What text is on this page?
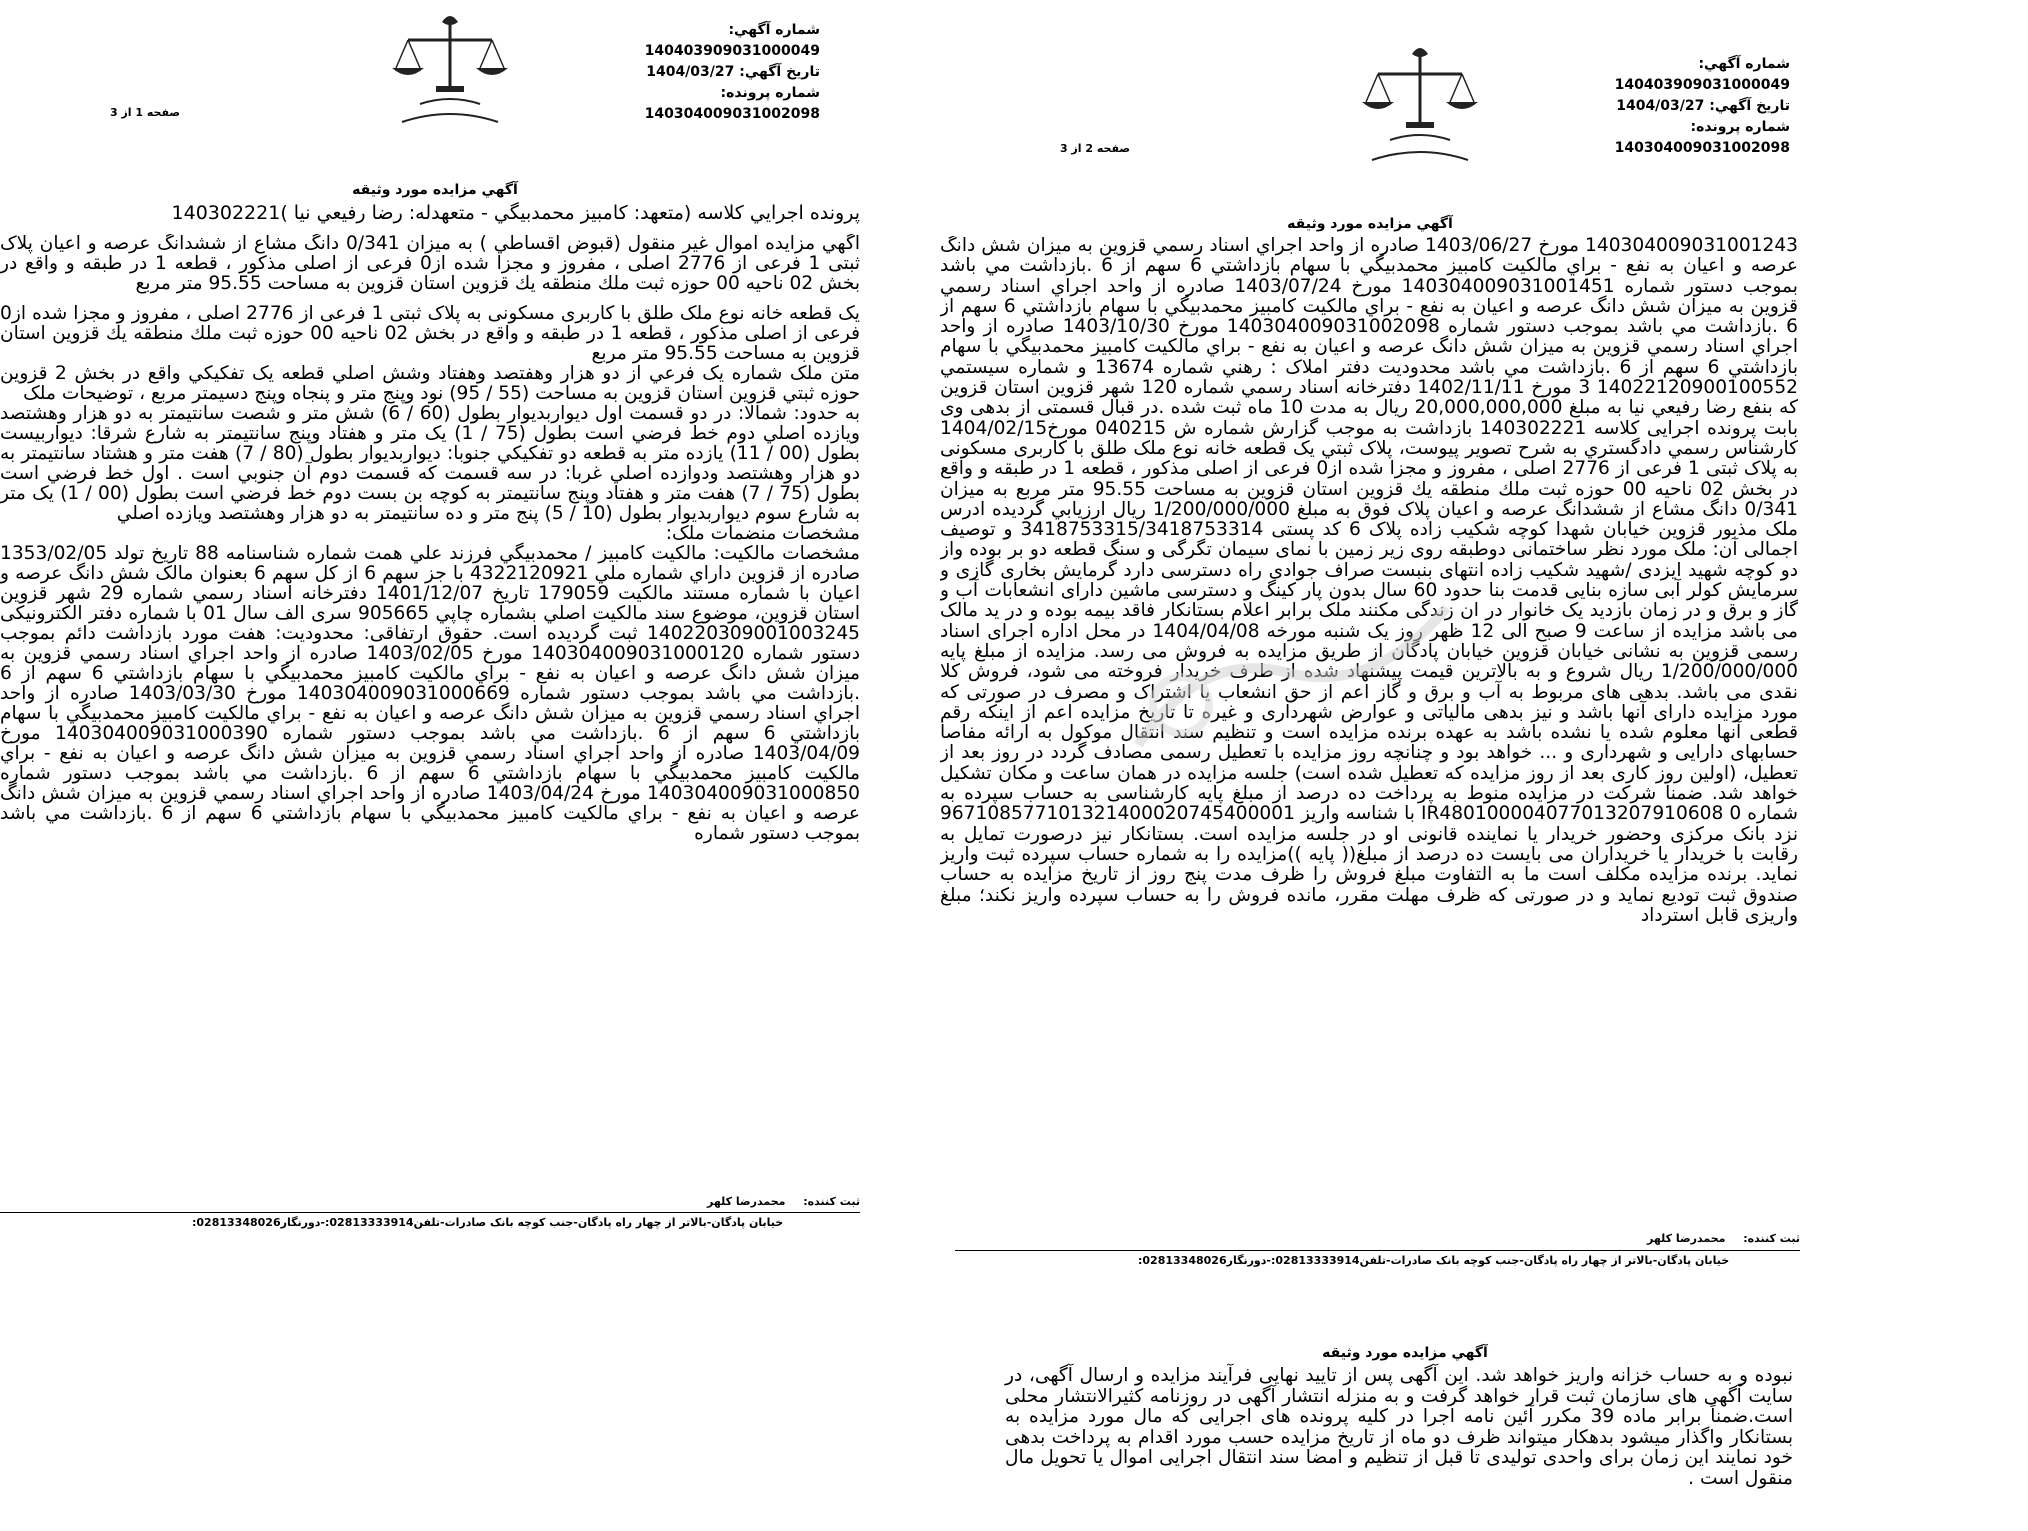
شماره آگهي: 140403909031000049
تاريخ آگهي: 1404/03/27
شماره پرونده: 140304009031002098
صفحه 1 از 3
آگهي مزايده مورد وثيقه
پرونده اجرايي کلاسه (متعهد: کامبيز محمدبيگي - متعهدله: رضا رفيعي نيا )140302221

آگهي مزايده اموال غير منقول (قبوض اقساطي ) به ميزان 0/341 دانگ مشاع از ششدانگ عرصه و اعيان پلاک ثبتی 1 فرعی از 2776 اصلی ، مفروز و مجزا شده از0 فرعی از اصلی مذکور ، قطعه 1 در طبقه و واقع در بخش 02 ناحيه 00 حوزه ثبت ملك منطقه يك قزوين استان قزوين به مساحت 95.55 متر مربع

يک قطعه خانه نوع ملک طلق با کاربری مسکونی به پلاک ثبتی 1 فرعی از 2776 اصلی ، مفروز و مجزا شده از0 فرعی از اصلی مذکور ، قطعه 1 در طبقه و واقع در بخش 02 ناحيه 00 حوزه ثبت ملك منطقه يك قزوين استان قزوين به مساحت 95.55 متر مربع

متن ملک شماره يک فرعي از دو هزار وهفتصد وهفتاد وشش اصلي قطعه يک تفکيکي واقع در بخش 2 قزوين حوزه ثبتي قزوين استان قزوين به مساحت (55 / 95) نود وپنج متر و پنجاه وپنج دسيمتر مربع ، توضيحات ملک

به حدود: شمالا: در دو قسمت اول ديواربديوار بطول (60 / 6) شش متر و شصت سانتيمتر به دو هزار وهشتصد ويازده اصلي دوم خط فرضي است بطول (75 / 1) يک متر و هفتاد وپنج سانتيمتر به شارع شرقا: ديواربيست بطول (00 / 11) يازده متر به قطعه دو تفکيکي جنوبا: ديواربديوار بطول (80 / 7) هفت متر و هشتاد سانتيمتر به دو هزار وهشتصد ودوازده اصلي غربا: در سه قسمت که قسمت دوم آن جنوبي است . اول خط فرضي است بطول (75 / 7) هفت متر و هفتاد وپنج سانتيمتر به کوچه بن بست دوم خط فرضي است بطول (00 / 1) يک متر به شارع سوم ديواربديوار بطول (10 / 5) پنج متر و ده سانتيمتر به دو هزار وهشتصد ويازده اصلي

مشخصات منضمات ملک:

مشخصات مالکيت: مالکيت کامبيز / محمدبيگي فرزند علي همت شماره شناسنامه 88 تاريخ تولد 1353/02/05 صادره از قزوين داراي شماره ملي 4322120921 با جز سهم 6 از کل سهم 6 بعنوان مالک شش دانگ عرصه و اعيان با شماره مستند مالکيت 179059 تاريخ 1401/12/07 دفترخانه اسناد رسمي شماره 29 شهر قزوين استان قزوين، موضوع سند مالکيت اصلي بشماره چاپي 905665 سری الف سال 01 با شماره دفتر الکترونيکی 140220309001003245 ثبت گرديده است. حقوق ارتفاقی: محدوديت: هفت مورد بازداشت دائم بموجب دستور شماره 140304009031000120 مورخ 1403/02/05 صادره از واحد اجراي اسناد رسمي قزوين به ميزان شش دانگ عرصه و اعيان به نفع - براي مالکيت کامبيز محمدبيگي با سهام بازداشتي 6 سهم از 6 .بازداشت مي باشد بموجب دستور شماره 140304009031000669 مورخ 1403/03/30 صادره از واحد اجراي اسناد رسمي قزوين به ميزان شش دانگ عرصه و اعيان به نفع - براي مالکيت کامبيز محمدبيگي با سهام بازداشتي 6 سهم از 6 .بازداشت مي باشد بموجب دستور شماره 140304009031000390 مورخ 1403/04/09 صادره از واحد اجراي اسناد رسمي قزوين به ميزان شش دانگ عرصه و اعيان به نفع - براي مالکيت کامبيز محمدبيگي با سهام بازداشتي 6 سهم از 6 .بازداشت مي باشد بموجب دستور شماره 140304009031000850 مورخ 1403/04/24 صادره از واحد اجراي اسناد رسمي قزوين به ميزان شش دانگ عرصه و اعيان به نفع - براي مالکيت کامبيز محمدبيگي با سهام بازداشتي 6 سهم از 6 .بازداشت مي باشد بموجب دستور شماره

ثبت کننده: محمدرضا کلهر
خيابان پادگان-بالاتر از چهار راه پادگان-جنب کوچه بانک صادرات-تلفن02813333914:-دورنگار02813348026:
شماره آگهي: 140403909031000049
تاريخ آگهي: 1404/03/27
شماره پرونده: 140304009031002098
صفحه 2 از 3
آگهي مزايده مورد وثيقه
140304009031001243 مورخ 1403/06/27 صادره از واحد اجراي اسناد رسمي قزوين به ميزان شش دانگ عرصه و اعيان به نفع - براي مالکيت کامبيز محمدبيگي با سهام بازداشتي 6 سهم از 6 .بازداشت مي باشد بموجب دستور شماره 140304009031001451 مورخ 1403/07/24 صادره از واحد اجراي اسناد رسمي قزوين به ميزان شش دانگ عرصه و اعيان به نفع - براي مالکيت کامبيز محمدبيگي با سهام بازداشتي 6 سهم از 6 .بازداشت مي باشد بموجب دستور شماره 140304009031002098 مورخ 1403/10/30 صادره از واحد اجراي اسناد رسمي قزوين به ميزان شش دانگ عرصه و اعيان به نفع - براي مالکيت کامبيز محمدبيگي با سهام بازداشتي 6 سهم از 6 .بازداشت مي باشد محدوديت دفتر املاک : رهني شماره 13674 و شماره سيستمي 14022120900100552 3 مورخ 1402/11/11 دفترخانه اسناد رسمي شماره 120 شهر قزوين استان قزوين که بنفع رضا رفيعي نيا به مبلغ 20,000,000,000 ريال به مدت 10 ماه ثبت شده .در قبال قسمتی از بدهی وی بابت پرونده اجرایی کلاسه 140302221 بازداشت به موجب گزارش شماره ش 040215 مورخ1404/02/15 کارشناس رسمي دادگستري به شرح تصوير پيوست، پلاک ثبتي يک قطعه خانه نوع ملک طلق با کاربری مسکونی به پلاک ثبتی 1 فرعی از 2776 اصلی ، مفروز و مجزا شده از0 فرعی از اصلی مذکور ، قطعه 1 در طبقه و واقع در بخش 02 ناحيه 00 حوزه ثبت ملك منطقه يك قزوين استان قزوين به مساحت 95.55 متر مربع به ميزان 0/341 دانگ مشاع از ششدانگ عرصه و اعيان پلاک فوق به مبلغ 1/200/000/000 ريال ارزيابي گرديده ادرس ملک مذبور قزوين خيابان شهدا کوچه شکيب زاده پلاک 6 کد پستی 3418753315/3418753314 و توصيف اجمالی آن: ملک مورد نظر ساختمانی دوطبقه روی زير زمين با نمای سيمان تگرگی و سنگ قطعه دو بر بوده واز دو کوچه شهيد ايزدی /شهيد شکيب زاده انتهای بنبست صراف جوادی راه دسترسی دارد گرمايش بخاری گازی و سرمايش کولر آبی سازه بنايی قدمت بنا حدود 60 سال بدون پار کينگ و دسترسی ماشين دارای انشعابات آب و گاز و برق و در زمان بازديد يک خانوار در ان زندگی مکنند ملک برابر اعلام بستانکار فاقد بيمه بوده و در يد مالک می باشد مزايده از ساعت 9 صبح الی 12 ظهر روز يک شنبه مورخه 1404/04/08 در محل اداره اجرای اسناد رسمی قزوين به نشانی خيابان قزوين خيابان پادگان از طريق مزايده به فروش می رسد. مزايده از مبلغ پايه 1/200/000/000 ريال شروع و به بالاترين قيمت پيشنهاد شده از طرف خريدار فروخته می شود، فروش کلا نقدی می باشد. بدهی های مربوط به آب و برق و گاز اعم از حق انشعاب يا اشتراک و مصرف در صورتی که مورد مزايده دارای آنها باشد و نيز بدهی مالياتی و عوارض شهرداری و غيره تا تاريخ مزايده اعم از اينکه رقم قطعی آنها معلوم شده يا نشده باشد به عهده برنده مزايده است و تنظيم سند انتقال موکول به ارائه مفاصا حسابهای دارايی و شهرداری و ... خواهد بود و چنانچه روز مزايده با تعطيل رسمی مصادف گردد در روز بعد از تعطيل، (اولين روز کاری بعد از روز مزايده که تعطيل شده است) جلسه مزايده در همان ساعت و مکان تشکيل خواهد شد. ضمنا شرکت در مزايده منوط به پرداخت ده درصد از مبلغ پايه کارشناسی به حساب سپرده به شماره IR480100004077013207910608 0 با شناسه واريز 967108577101321400020745400001 نزد بانک مرکزی وحضور خريدار يا نماينده قانونی او در جلسه مزايده است. بستانکار نيز درصورت تمايل به رقابت با خريدار يا خريداران می بايست ده درصد از مبلغ(( پايه ))مزايده را به شماره حساب سپرده ثبت واريز نمايد. برنده مزايده مکلف است ما به التفاوت مبلغ فروش را ظرف مدت پنج روز از تاريخ مزايده به حساب صندوق ثبت توديع نمايد و در صورتی که ظرف مهلت مقرر، مانده فروش را به حساب سپرده واريز نکند؛ مبلغ واريزی قابل استرداد
ثبت کننده: محمدرضا کلهر
خيابان پادگان-بالاتر از چهار راه پادگان-جنب کوچه بانک صادرات-تلفن02813333914:-دورنگار02813348026:
آگهي مزايده مورد وثيقه
نبوده و به حساب خزانه واريز خواهد شد. اين آگهی پس از تاييد نهايی فرآيند مزايده و ارسال آگهی، در سايت آگهی های سازمان ثبت قرار خواهد گرفت و به منزله انتشار آگهی در روزنامه کثيرالانتشار محلی است.ضمناً برابر ماده 39 مکرر آئين نامه اجرا در کليه پرونده های اجرايی که مال مورد مزايده به بستانکار واگذار ميشود بدهکار ميتواند ظرف دو ماه از تاريخ مزايده حسب مورد اقدام به پرداخت بدهی خود نمايند اين زمان برای واحدی توليدی تا قبل از تنظيم و امضا سند انتقال اجرايی اموال يا تحويل مال منقول است .
